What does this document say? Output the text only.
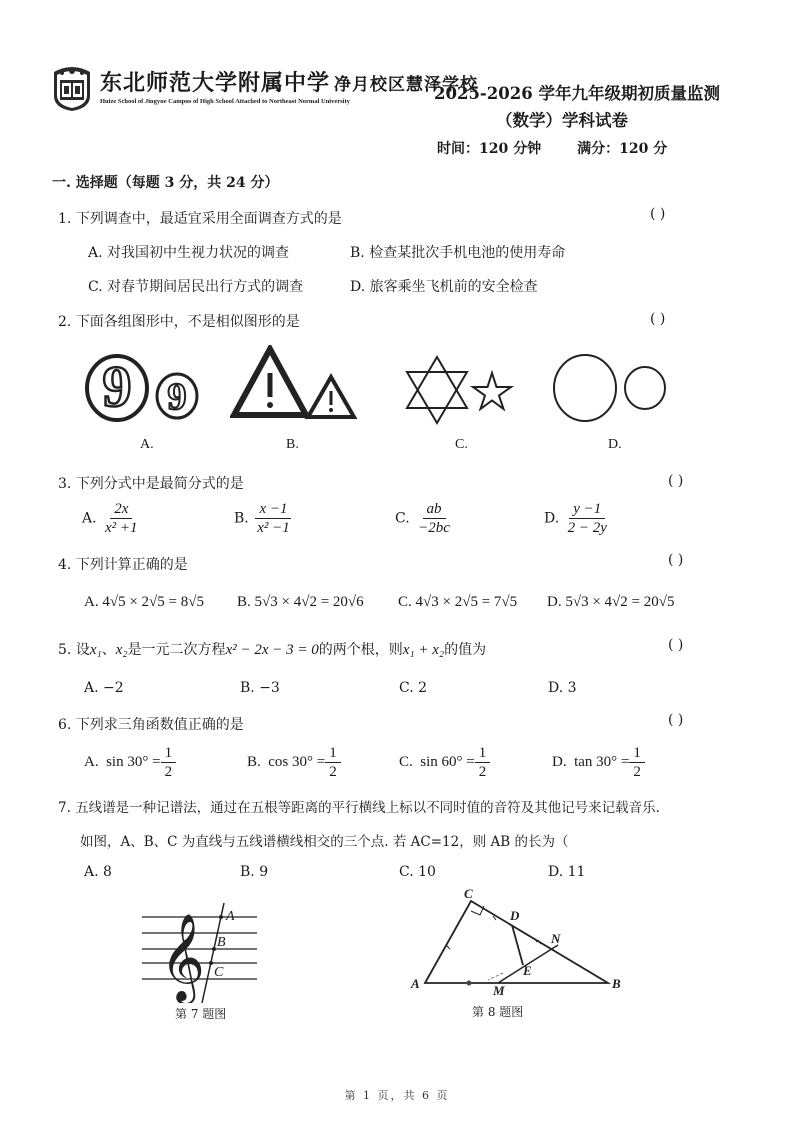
东北师范大学附属中学 净月校区慧泽学校
Huize School of Jingyue Campus of High School Attached to Northeast Normal University	2025-2026 学年九年级期初质量监测
（数学）学科试卷
时间：120 分钟	满分：120 分
一. 选择题（每题 3 分，共 24 分）
1. 下列调查中，最适宜采用全面调查方式的是	( )
A. 对我国初中生视力状况的调查	B. 检查某批次手机电池的使用寿命
C. 对春节期间居民出行方式的调查	D. 旅客乘坐飞机前的安全检查
2. 下面各组图形中，不是相似图形的是	( )
9 9
A.	B.	C.	D.
3. 下列分式中是最简分式的是	( )
A. $\frac{2x}{\text{x² +1}}$	B. $\frac{x -1}{\text{x² −1}}$	C. $\frac{ab}{-2bc}$	D. $\frac{y -1}{2 - 2y}$
4. 下列计算正确的是	( )
A. 4√5 × 2√5 = 8√5 B. 5√3 × 4√2 = 20√6 C. 4√3 × 2√5 = 7√5 D. 5√3 × 4√2 = 20√5
5. 设x₁、x₂是一元二次方程x² − 2x − 3 = 0的两个根，则x₁ + x₂的值为	( )
A. −2	B. −3	C. 2	D. 3
6. 下列求三角函数值正确的是	( )
A. $\sin 30^\circ = \frac{1}{2}$	B. $\cos 30^\circ = \frac{1}{2}$	C. $\sin 60^\circ = \frac{1}{2}$	D. $\tan 30^\circ = \frac{1}{2}$
7. 五线谱是一种记谱法，通过在五根等距离的平行横线上标以不同时值的音符及其他记号来记载音乐.
如图，A、B、C 为直线与五线谱横线相交的三个点. 若 AC=12，则 AB 的长为（
A. 8	B. 9	C. 10	D. 11
𝄞 A
B
C
第 7 题图
C
D
N
E
A	M	B
第 8 题图
第 1 页，共 6 页
